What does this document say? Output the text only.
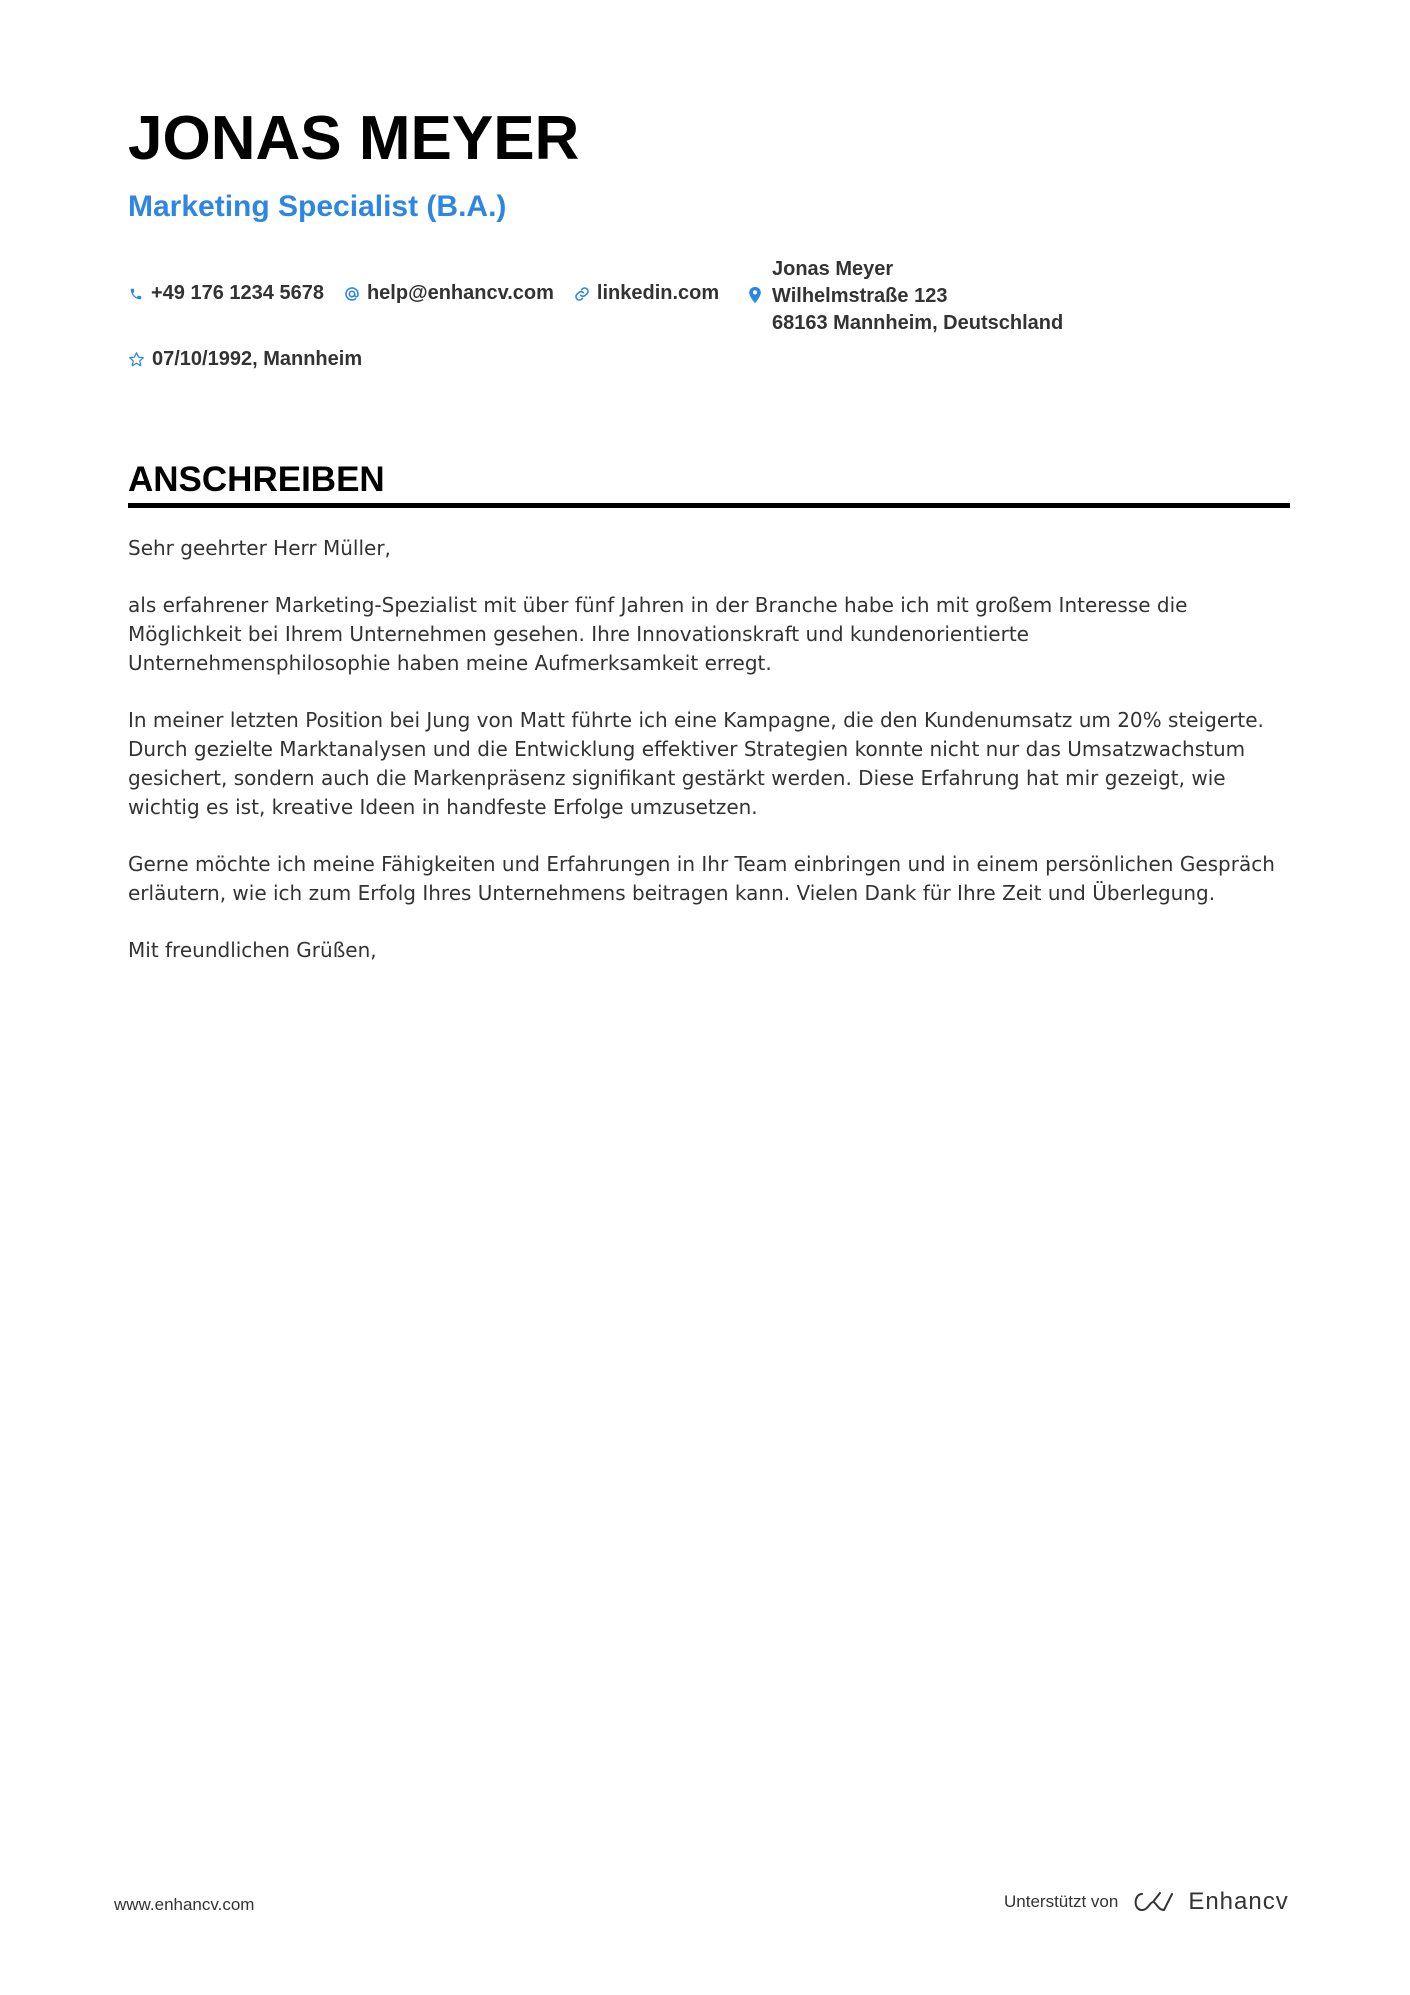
JONAS MEYER
Marketing Specialist (B.A.)
+49 176 1234 5678 help@enhancv.com linkedin.com
Jonas Meyer
Wilhelmstraße 123
68163 Mannheim, Deutschland
07/10/1992, Mannheim
ANSCHREIBEN

Sehr geehrter Herr Müller,

als erfahrener Marketing-Spezialist mit über fünf Jahren in der Branche habe ich mit großem Interesse die Möglichkeit bei Ihrem Unternehmen gesehen. Ihre Innovationskraft und kundenorientierte Unternehmensphilosophie haben meine Aufmerksamkeit erregt.

In meiner letzten Position bei Jung von Matt führte ich eine Kampagne, die den Kundenumsatz um 20% steigerte. Durch gezielte Marktanalysen und die Entwicklung effektiver Strategien konnte nicht nur das Umsatzwachstum gesichert, sondern auch die Markenpräsenz signifikant gestärkt werden. Diese Erfahrung hat mir gezeigt, wie wichtig es ist, kreative Ideen in handfeste Erfolge umzusetzen.

Gerne möchte ich meine Fähigkeiten und Erfahrungen in Ihr Team einbringen und in einem persönlichen Gespräch erläutern, wie ich zum Erfolg Ihres Unternehmens beitragen kann. Vielen Dank für Ihre Zeit und Überlegung.

Mit freundlichen Grüßen,

www.enhancv.com	Unterstützt von	Enhancv
